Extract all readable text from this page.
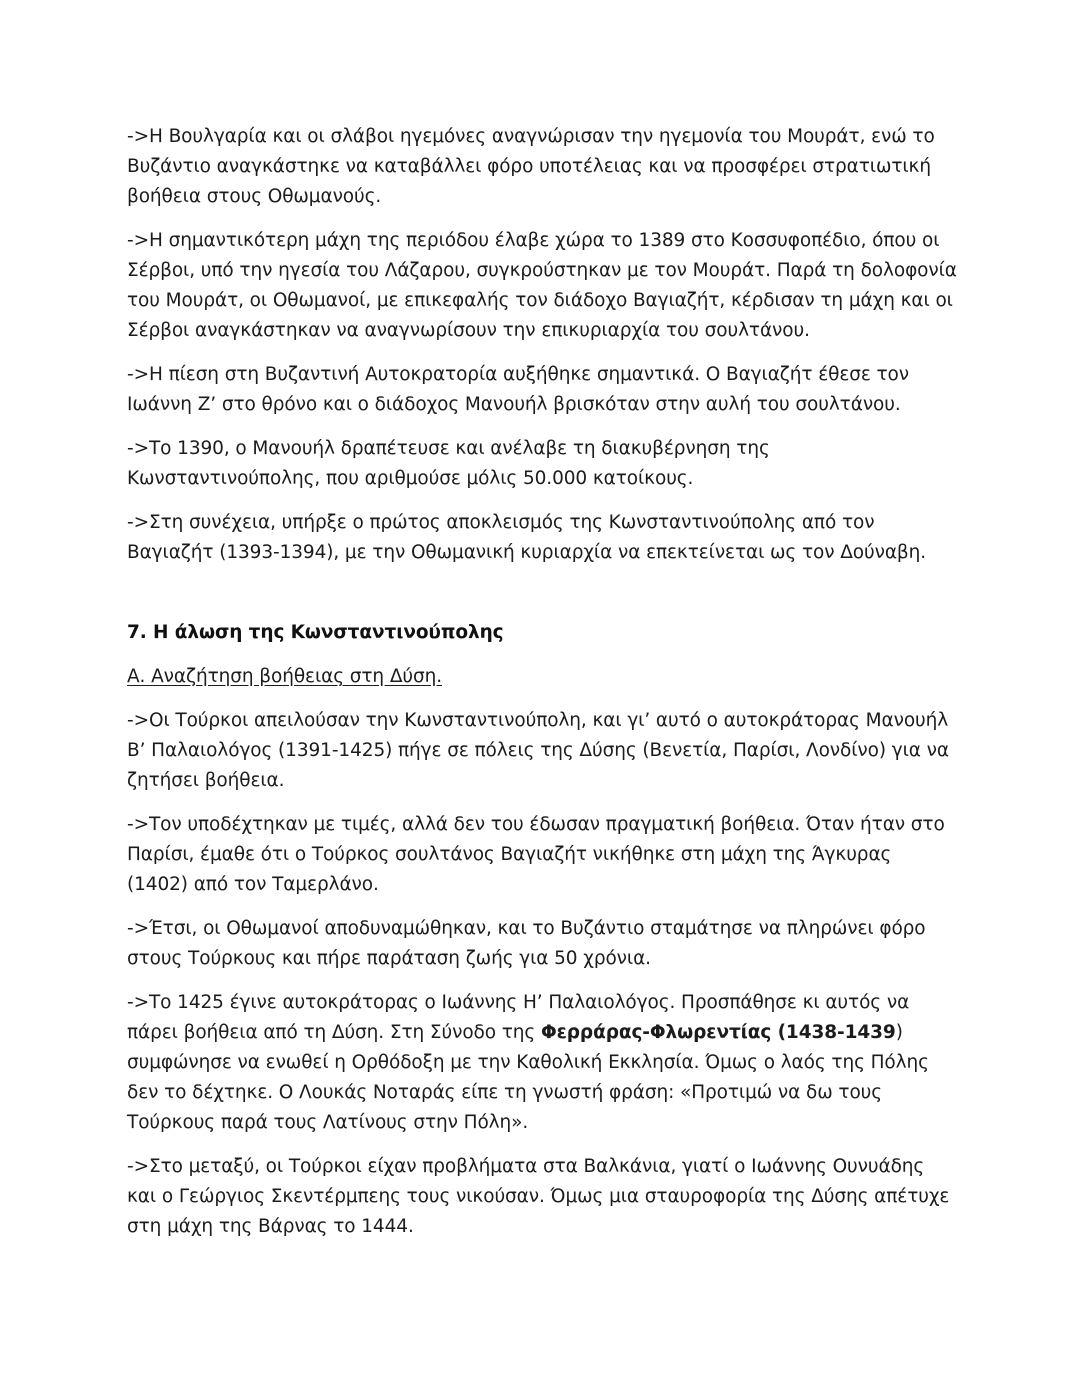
->Η Βουλγαρία και οι σλάβοι ηγεμόνες αναγνώρισαν την ηγεμονία του Μουράτ, ενώ το Βυζάντιο αναγκάστηκε να καταβάλλει φόρο υποτέλειας και να προσφέρει στρατιωτική βοήθεια στους Οθωμανούς.

->Η σημαντικότερη μάχη της περιόδου έλαβε χώρα το 1389 στο Κοσσυφοπέδιο, όπου οι Σέρβοι, υπό την ηγεσία του Λάζαρου, συγκρούστηκαν με τον Μουράτ. Παρά τη δολοφονία του Μουράτ, οι Οθωμανοί, με επικεφαλής τον διάδοχο Βαγιαζήτ, κέρδισαν τη μάχη και οι Σέρβοι αναγκάστηκαν να αναγνωρίσουν την επικυριαρχία του σουλτάνου.

->Η πίεση στη Βυζαντινή Αυτοκρατορία αυξήθηκε σημαντικά. Ο Βαγιαζήτ έθεσε τον Ιωάννη Ζ’ στο θρόνο και ο διάδοχος Μανουήλ βρισκόταν στην αυλή του σουλτάνου.

->Το 1390, ο Μανουήλ δραπέτευσε και ανέλαβε τη διακυβέρνηση της Κωνσταντινούπολης, που αριθμούσε μόλις 50.000 κατοίκους.

->Στη συνέχεια, υπήρξε ο πρώτος αποκλεισμός της Κωνσταντινούπολης από τον Βαγιαζήτ (1393-1394), με την Οθωμανική κυριαρχία να επεκτείνεται ως τον Δούναβη.

7. Η άλωση της Κωνσταντινούπολης

Α. Αναζήτηση βοήθειας στη Δύση.

->Οι Τούρκοι απειλούσαν την Κωνσταντινούπολη, και γι’ αυτό ο αυτοκράτορας Μανουήλ Β’ Παλαιολόγος (1391-1425) πήγε σε πόλεις της Δύσης (Βενετία, Παρίσι, Λονδίνο) για να ζητήσει βοήθεια.

->Τον υποδέχτηκαν με τιμές, αλλά δεν του έδωσαν πραγματική βοήθεια. Όταν ήταν στο Παρίσι, έμαθε ότι ο Τούρκος σουλτάνος Βαγιαζήτ νικήθηκε στη μάχη της Άγκυρας (1402) από τον Ταμερλάνο.

->Έτσι, οι Οθωμανοί αποδυναμώθηκαν, και το Βυζάντιο σταμάτησε να πληρώνει φόρο στους Τούρκους και πήρε παράταση ζωής για 50 χρόνια.

->Το 1425 έγινε αυτοκράτορας ο Ιωάννης Η’ Παλαιολόγος. Προσπάθησε κι αυτός να πάρει βοήθεια από τη Δύση. Στη Σύνοδο της Φερράρας-Φλωρεντίας (1438-1439) συμφώνησε να ενωθεί η Ορθόδοξη με την Καθολική Εκκλησία. Όμως ο λαός της Πόλης δεν το δέχτηκε. Ο Λουκάς Νοταράς είπε τη γνωστή φράση: «Προτιμώ να δω τους Τούρκους παρά τους Λατίνους στην Πόλη».

->Στο μεταξύ, οι Τούρκοι είχαν προβλήματα στα Βαλκάνια, γιατί ο Ιωάννης Ουνυάδης και ο Γεώργιος Σκεντέρμπεης τους νικούσαν. Όμως μια σταυροφορία της Δύσης απέτυχε στη μάχη της Βάρνας το 1444.
